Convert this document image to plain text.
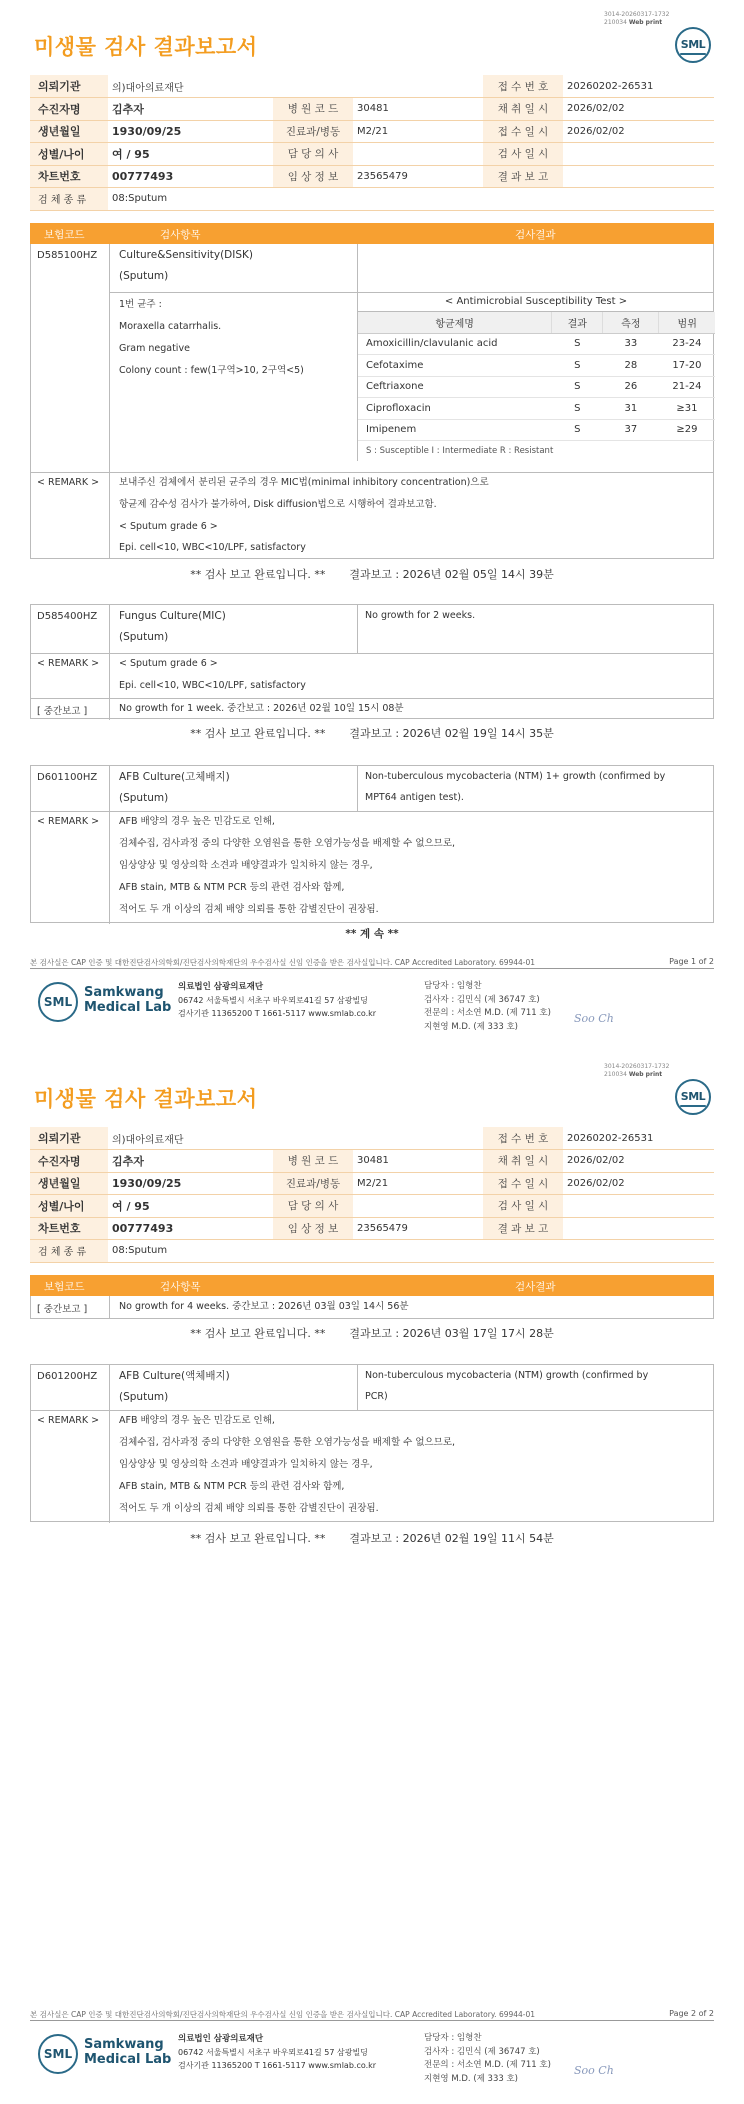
3014-20260317-1732
210034 Web print
미생물 검사 결과보고서	SML
의뢰기관	의)대아의료재단			접 수 번 호	20260202-26531
수진자명	김추자	병 원 코 드	30481	채 취 일 시	2026/02/02
생년월일	1930/09/25	진료과/병동	M2/21	접 수 일 시	2026/02/02
성별/나이	여 / 95	담 당 의 사		검 사 일 시	
차트번호	00777493	임 상 정 보	23565479	결 과 보 고	
검 체 종 류	08:Sputum				
보험코드	검사항목	검사결과
D585100HZ Culture&Sensitivity(DISK)
(Sputum)
1번 균주 :
Moraxella catarrhalis.
Gram negative
Colony count : few(1구역>10, 2구역<5)
< Antimicrobial Susceptibility Test >
항균제명	결과	측정	범위
Amoxicillin/clavulanic acid	S	33	23-24
Cefotaxime	S	28	17-20
Ceftriaxone	S	26	21-24
Ciprofloxacin	S	31	≥31
Imipenem	S	37	≥29
S : Susceptible I : Intermediate R : Resistant
< REMARK > 보내주신 검체에서 분리된 균주의 경우 MIC법(minimal inhibitory concentration)으로
항균제 감수성 검사가 불가하여, Disk diffusion법으로 시행하여 결과보고함.
< Sputum grade 6 >
Epi. cell<10, WBC<10/LPF, satisfactory
** 검사 보고 완료입니다. ** 결과보고 : 2026년 02월 05일 14시 39분
D585400HZ Fungus Culture(MIC)
(Sputum)
No growth for 2 weeks.
< REMARK > < Sputum grade 6 >
Epi. cell<10, WBC<10/LPF, satisfactory
[ 중간보고 ]	No growth for 1 week. 중간보고 : 2026년 02월 10일 15시 08분
** 검사 보고 완료입니다. ** 결과보고 : 2026년 02월 19일 14시 35분
D601100HZ AFB Culture(고체배지)
(Sputum)
Non-tuberculous mycobacteria (NTM) 1+ growth (confirmed by
MPT64 antigen test).
< REMARK > AFB 배양의 경우 높은 민감도로 인해,
검체수집, 검사과정 중의 다양한 오염원을 통한 오염가능성을 배제할 수 없으므로,
임상양상 및 영상의학 소견과 배양결과가 일치하지 않는 경우,
AFB stain, MTB & NTM PCR 등의 관련 검사와 함께,
적어도 두 개 이상의 검체 배양 의뢰를 통한 감별진단이 권장됨.
** 계 속 **
본 검사실은 CAP 인증 및 대한진단검사의학회/진단검사의학재단의 우수검사실 신임 인증을 받은 검사실입니다. CAP Accredited Laboratory. 69944-01	Page 1 of 2
SML
Samkwang
Medical Lab
의료법인 삼광의료재단
06742 서울특별시 서초구 바우뫼로41길 57 삼광빌딩
검사기관 11365200 T 1661-5117 www.smlab.co.kr
담당자 : 임형찬
검사자 : 김민식 (제 36747 호)
전문의 : 서소연 M.D. (제 711 호)
지현영 M.D. (제 333 호)
Soo Ch
3014-20260317-1732
210034 Web print
미생물 검사 결과보고서	SML
의뢰기관	의)대아의료재단			접 수 번 호	20260202-26531
수진자명	김추자	병 원 코 드	30481	채 취 일 시	2026/02/02
생년월일	1930/09/25	진료과/병동	M2/21	접 수 일 시	2026/02/02
성별/나이	여 / 95	담 당 의 사		검 사 일 시	
차트번호	00777493	임 상 정 보	23565479	결 과 보 고	
검 체 종 류	08:Sputum				
보험코드	검사항목	검사결과
[ 중간보고 ]	No growth for 4 weeks. 중간보고 : 2026년 03월 03일 14시 56분
** 검사 보고 완료입니다. ** 결과보고 : 2026년 03월 17일 17시 28분
D601200HZ AFB Culture(액체배지)
(Sputum)
Non-tuberculous mycobacteria (NTM) growth (confirmed by
PCR)
< REMARK > AFB 배양의 경우 높은 민감도로 인해,
검체수집, 검사과정 중의 다양한 오염원을 통한 오염가능성을 배제할 수 없으므로,
임상양상 및 영상의학 소견과 배양결과가 일치하지 않는 경우,
AFB stain, MTB & NTM PCR 등의 관련 검사와 함께,
적어도 두 개 이상의 검체 배양 의뢰를 통한 감별진단이 권장됨.
** 검사 보고 완료입니다. ** 결과보고 : 2026년 02월 19일 11시 54분
본 검사실은 CAP 인증 및 대한진단검사의학회/진단검사의학재단의 우수검사실 신임 인증을 받은 검사실입니다. CAP Accredited Laboratory. 69944-01	Page 2 of 2
SML
Samkwang
Medical Lab
의료법인 삼광의료재단
06742 서울특별시 서초구 바우뫼로41길 57 삼광빌딩
검사기관 11365200 T 1661-5117 www.smlab.co.kr
담당자 : 임형찬
검사자 : 김민식 (제 36747 호)
전문의 : 서소연 M.D. (제 711 호)
지현영 M.D. (제 333 호)
Soo Ch
